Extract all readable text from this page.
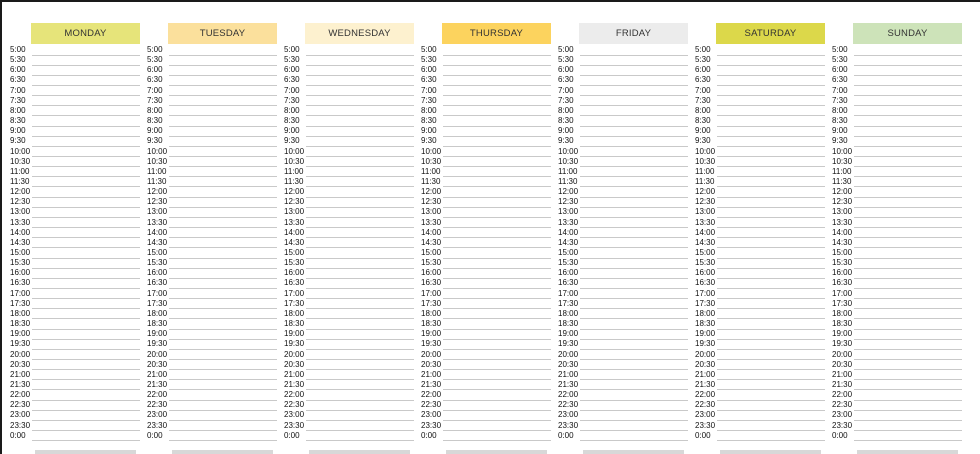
MONDAY
5:00
5:30
6:00
6:30
7:00
7:30
8:00
8:30
9:00
9:30
10:00
10:30
11:00
11:30
12:00
12:30
13:00
13:30
14:00
14:30
15:00
15:30
16:00
16:30
17:00
17:30
18:00
18:30
19:00
19:30
20:00
20:30
21:00
21:30
22:00
22:30
23:00
23:30
0:00
TUESDAY
5:00
5:30
6:00
6:30
7:00
7:30
8:00
8:30
9:00
9:30
10:00
10:30
11:00
11:30
12:00
12:30
13:00
13:30
14:00
14:30
15:00
15:30
16:00
16:30
17:00
17:30
18:00
18:30
19:00
19:30
20:00
20:30
21:00
21:30
22:00
22:30
23:00
23:30
0:00
WEDNESDAY
5:00
5:30
6:00
6:30
7:00
7:30
8:00
8:30
9:00
9:30
10:00
10:30
11:00
11:30
12:00
12:30
13:00
13:30
14:00
14:30
15:00
15:30
16:00
16:30
17:00
17:30
18:00
18:30
19:00
19:30
20:00
20:30
21:00
21:30
22:00
22:30
23:00
23:30
0:00
THURSDAY
5:00
5:30
6:00
6:30
7:00
7:30
8:00
8:30
9:00
9:30
10:00
10:30
11:00
11:30
12:00
12:30
13:00
13:30
14:00
14:30
15:00
15:30
16:00
16:30
17:00
17:30
18:00
18:30
19:00
19:30
20:00
20:30
21:00
21:30
22:00
22:30
23:00
23:30
0:00
FRIDAY
5:00
5:30
6:00
6:30
7:00
7:30
8:00
8:30
9:00
9:30
10:00
10:30
11:00
11:30
12:00
12:30
13:00
13:30
14:00
14:30
15:00
15:30
16:00
16:30
17:00
17:30
18:00
18:30
19:00
19:30
20:00
20:30
21:00
21:30
22:00
22:30
23:00
23:30
0:00
SATURDAY
5:00
5:30
6:00
6:30
7:00
7:30
8:00
8:30
9:00
9:30
10:00
10:30
11:00
11:30
12:00
12:30
13:00
13:30
14:00
14:30
15:00
15:30
16:00
16:30
17:00
17:30
18:00
18:30
19:00
19:30
20:00
20:30
21:00
21:30
22:00
22:30
23:00
23:30
0:00
SUNDAY
5:00
5:30
6:00
6:30
7:00
7:30
8:00
8:30
9:00
9:30
10:00
10:30
11:00
11:30
12:00
12:30
13:00
13:30
14:00
14:30
15:00
15:30
16:00
16:30
17:00
17:30
18:00
18:30
19:00
19:30
20:00
20:30
21:00
21:30
22:00
22:30
23:00
23:30
0:00
